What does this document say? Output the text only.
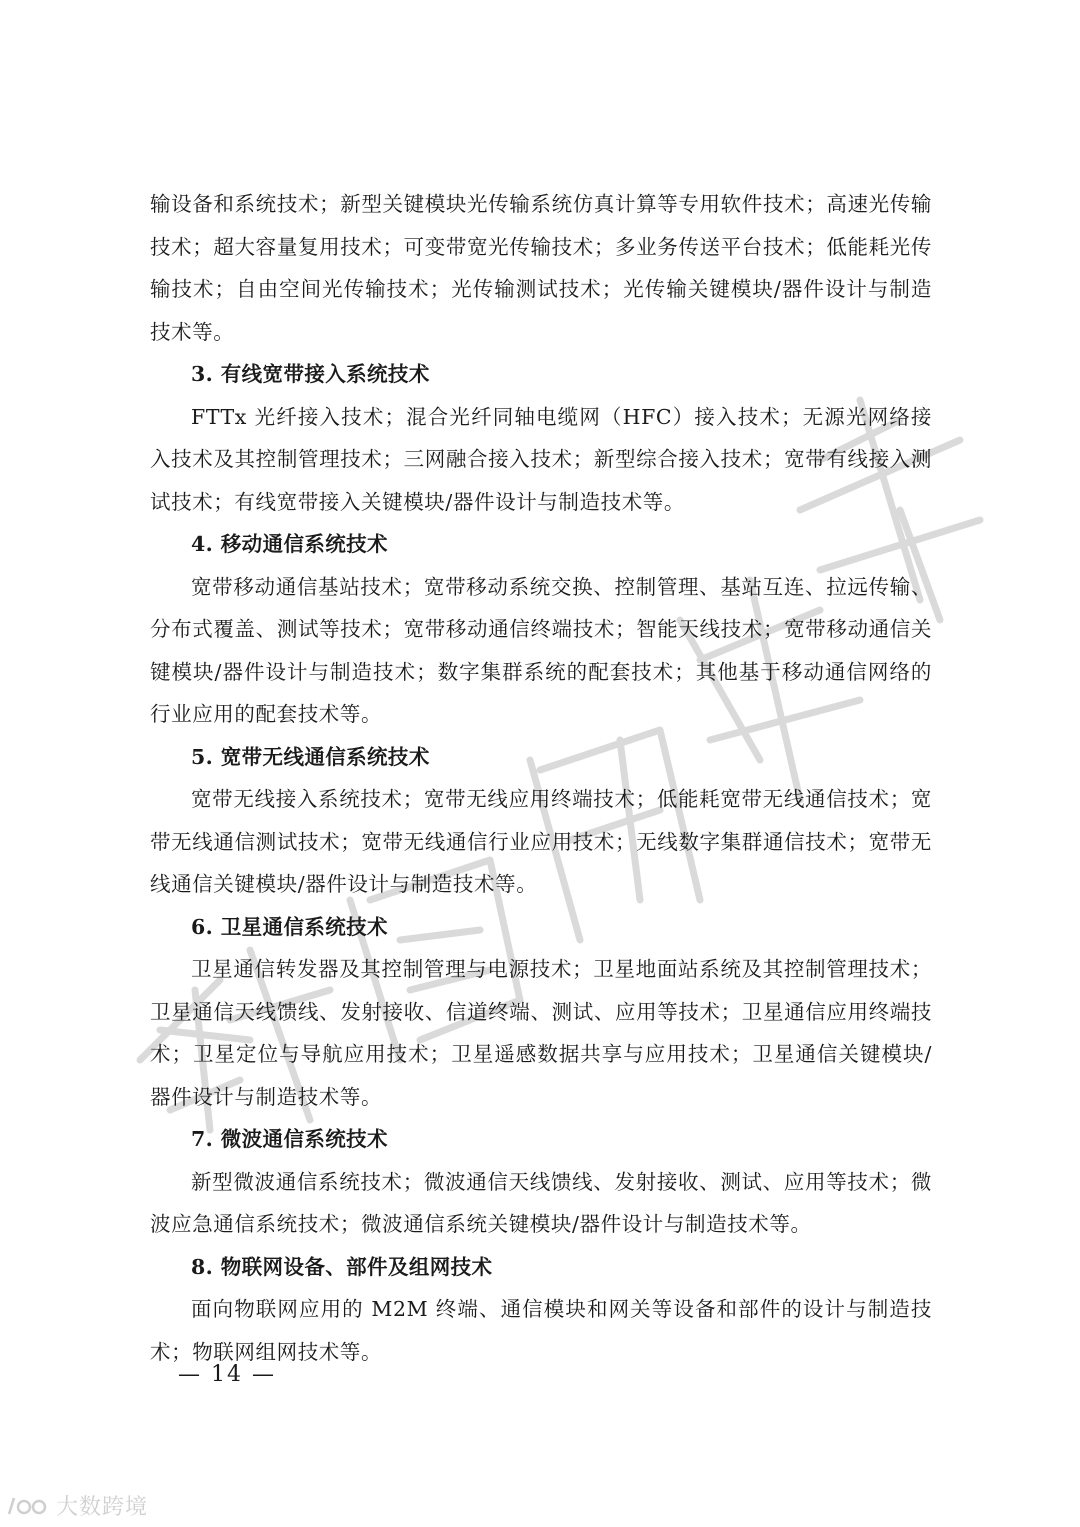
输设备和系统技术；新型关键模块光传输系统仿真计算等专用软件技术；高速光传输技术；超大容量复用技术；可变带宽光传输技术；多业务传送平台技术；低能耗光传输技术；自由空间光传输技术；光传输测试技术；光传输关键模块/器件设计与制造技术等。

3. 有线宽带接入系统技术

FTTx 光纤接入技术；混合光纤同轴电缆网（HFC）接入技术；无源光网络接入技术及其控制管理技术；三网融合接入技术；新型综合接入技术；宽带有线接入测试技术；有线宽带接入关键模块/器件设计与制造技术等。

4. 移动通信系统技术

宽带移动通信基站技术；宽带移动系统交换、控制管理、基站互连、拉远传输、分布式覆盖、测试等技术；宽带移动通信终端技术；智能天线技术；宽带移动通信关键模块/器件设计与制造技术；数字集群系统的配套技术；其他基于移动通信网络的行业应用的配套技术等。

5. 宽带无线通信系统技术

宽带无线接入系统技术；宽带无线应用终端技术；低能耗宽带无线通信技术；宽带无线通信测试技术；宽带无线通信行业应用技术；无线数字集群通信技术；宽带无线通信关键模块/器件设计与制造技术等。

6. 卫星通信系统技术

卫星通信转发器及其控制管理与电源技术；卫星地面站系统及其控制管理技术；卫星通信天线馈线、发射接收、信道终端、测试、应用等技术；卫星通信应用终端技术；卫星定位与导航应用技术；卫星遥感数据共享与应用技术；卫星通信关键模块/器件设计与制造技术等。

7. 微波通信系统技术

新型微波通信系统技术；微波通信天线馈线、发射接收、测试、应用等技术；微波应急通信系统技术；微波通信系统关键模块/器件设计与制造技术等。

8. 物联网设备、部件及组网技术

面向物联网应用的 M2M 终端、通信模块和网关等设备和部件的设计与制造技术；物联网组网技术等。

— 14 —
大数跨境
